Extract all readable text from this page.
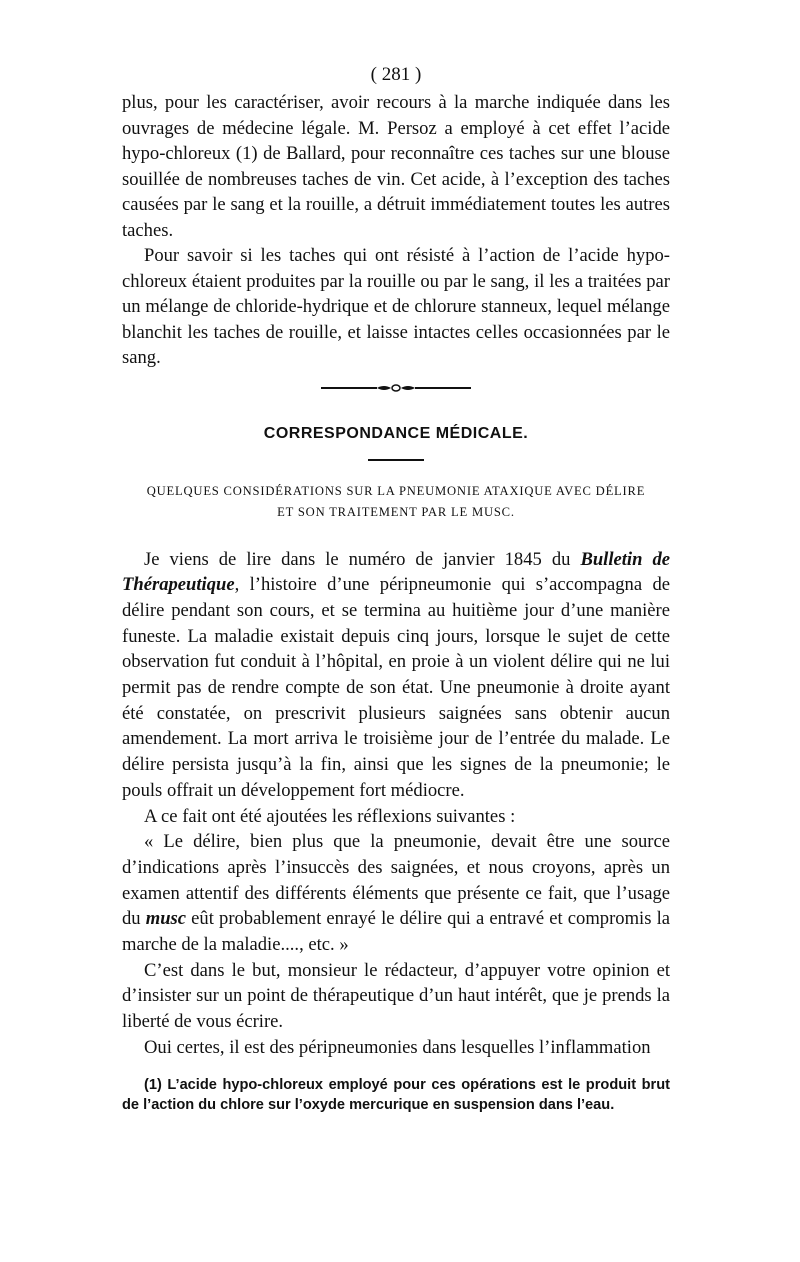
( 281 )

plus, pour les caractériser, avoir recours à la marche indiquée dans les ouvrages de médecine légale. M. Persoz a employé à cet effet l’acide hypo-chloreux (1) de Ballard, pour reconnaître ces taches sur une blouse souillée de nombreuses taches de vin. Cet acide, à l’exception des taches causées par le sang et la rouille, a détruit immédiatement toutes les autres taches.

Pour savoir si les taches qui ont résisté à l’action de l’acide hypo-chloreux étaient produites par la rouille ou par le sang, il les a traitées par un mélange de chloride-hydrique et de chlorure stanneux, lequel mélange blanchit les taches de rouille, et laisse intactes celles occasionnées par le sang.

CORRESPONDANCE MÉDICALE.
QUELQUES CONSIDÉRATIONS SUR LA PNEUMONIE ATAXIQUE AVEC DÉLIRE
ET SON TRAITEMENT PAR LE MUSC.

Je viens de lire dans le numéro de janvier 1845 du Bulletin de Thérapeutique, l’histoire d’une péripneumonie qui s’accompagna de délire pendant son cours, et se termina au huitième jour d’une manière funeste. La maladie existait depuis cinq jours, lorsque le sujet de cette observation fut conduit à l’hôpital, en proie à un violent délire qui ne lui permit pas de rendre compte de son état. Une pneumonie à droite ayant été constatée, on prescrivit plusieurs saignées sans obtenir aucun amendement. La mort arriva le troisième jour de l’entrée du malade. Le délire persista jusqu’à la fin, ainsi que les signes de la pneumonie; le pouls offrait un développement fort médiocre.

A ce fait ont été ajoutées les réflexions suivantes :

« Le délire, bien plus que la pneumonie, devait être une source d’indications après l’insuccès des saignées, et nous croyons, après un examen attentif des différents éléments que présente ce fait, que l’usage du musc eût probablement enrayé le délire qui a entravé et compromis la marche de la maladie...., etc. »

C’est dans le but, monsieur le rédacteur, d’appuyer votre opinion et d’insister sur un point de thérapeutique d’un haut intérêt, que je prends la liberté de vous écrire.

Oui certes, il est des péripneumonies dans lesquelles l’inflammation

(1) L’acide hypo-chloreux employé pour ces opérations est le produit brut de l’action du chlore sur l’oxyde mercurique en suspension dans l’eau.
